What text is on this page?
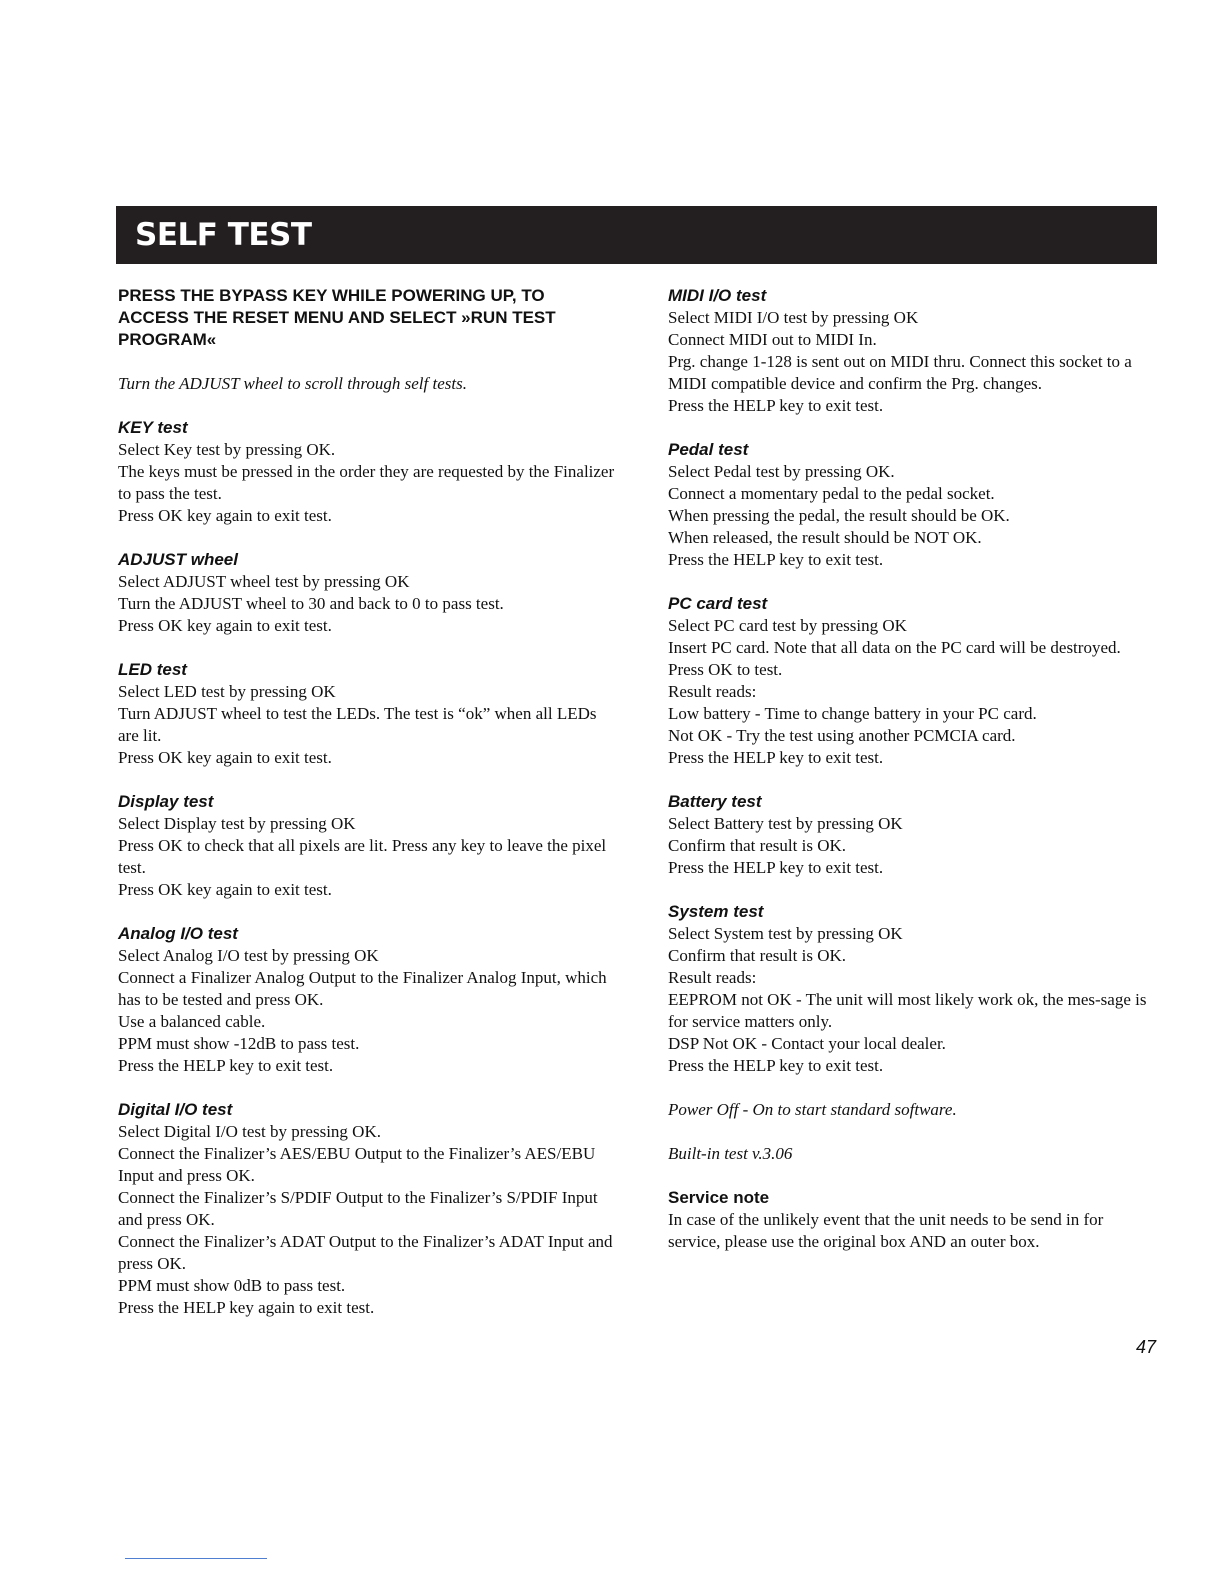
SELF TEST

PRESS THE BYPASS KEY WHILE POWERING UP, TO ACCESS THE RESET MENU AND SELECT »RUN TEST PROGRAM«

Turn the ADJUST wheel to scroll through self tests.

KEY test

Select Key test by pressing OK.

The keys must be pressed in the order they are requested by the Finalizer to pass the test.

Press OK key again to exit test.

ADJUST wheel

Select ADJUST wheel test by pressing OK

Turn the ADJUST wheel to 30 and back to 0 to pass test.

Press OK key again to exit test.

LED test

Select LED test by pressing OK

Turn ADJUST wheel to test the LEDs. The test is “ok” when all LEDs are lit.

Press OK key again to exit test.

Display test

Select Display test by pressing OK

Press OK to check that all pixels are lit. Press any key to leave the pixel test.

Press OK key again to exit test.

Analog I/O test

Select Analog I/O test by pressing OK

Connect a Finalizer Analog Output to the Finalizer Analog Input, which has to be tested and press OK.

Use a balanced cable.

PPM must show -12dB to pass test.

Press the HELP key to exit test.

Digital I/O test

Select Digital I/O test by pressing OK.

Connect the Finalizer’s AES/EBU Output to the Finalizer’s AES/EBU Input and press OK.

Connect the Finalizer’s S/PDIF Output to the Finalizer’s S/PDIF Input and press OK.

Connect the Finalizer’s ADAT Output to the Finalizer’s ADAT Input and press OK.

PPM must show 0dB to pass test.

Press the HELP key again to exit test.

MIDI I/O test

Select MIDI I/O test by pressing OK

Connect MIDI out to MIDI In.

Prg. change 1-128 is sent out on MIDI thru. Connect this socket to a MIDI compatible device and confirm the Prg. changes.

Press the HELP key to exit test.

Pedal test

Select Pedal test by pressing OK.

Connect a momentary pedal to the pedal socket.

When pressing the pedal, the result should be OK.

When released, the result should be NOT OK.

Press the HELP key to exit test.

PC card test

Select PC card test by pressing OK

Insert PC card. Note that all data on the PC card will be destroyed.

Press OK to test.

Result reads:

Low battery - Time to change battery in your PC card.

Not OK - Try the test using another PCMCIA card.

Press the HELP key to exit test.

Battery test

Select Battery test by pressing OK

Confirm that result is OK.

Press the HELP key to exit test.

System test

Select System test by pressing OK

Confirm that result is OK.

Result reads:

EEPROM not OK - The unit will most likely work ok, the mes-sage is for service matters only.

DSP Not OK - Contact your local dealer.

Press the HELP key to exit test.

Power Off - On to start standard software.

Built-in test v.3.06

Service note

In case of the unlikely event that the unit needs to be send in for service, please use the original box AND an outer box.

47
